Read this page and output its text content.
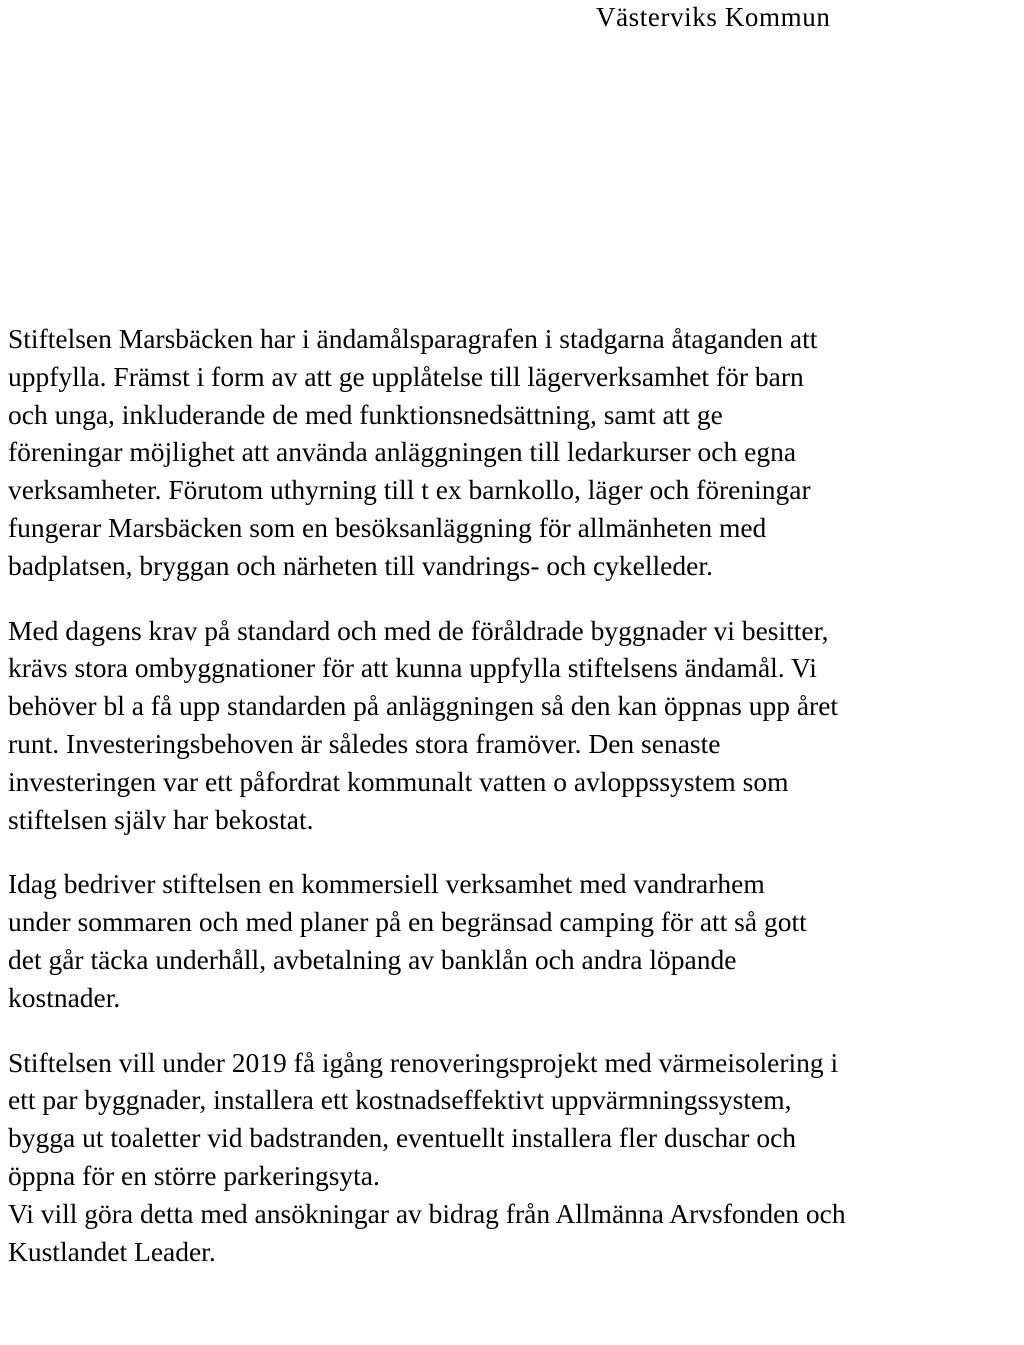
Västerviks Kommun
Stiftelsen Marsbäcken har i ändamålsparagrafen i stadgarna åtaganden att
uppfylla. Främst i form av att ge upplåtelse till lägerverksamhet för barn
och unga, inkluderande de med funktionsnedsättning, samt att ge
föreningar möjlighet att använda anläggningen till ledarkurser och egna
verksamheter. Förutom uthyrning till t ex barnkollo, läger och föreningar
fungerar Marsbäcken som en besöksanläggning för allmänheten med
badplatsen, bryggan och närheten till vandrings- och cykelleder.
Med dagens krav på standard och med de föråldrade byggnader vi besitter,
krävs stora ombyggnationer för att kunna uppfylla stiftelsens ändamål. Vi
behöver bl a få upp standarden på anläggningen så den kan öppnas upp året
runt. Investeringsbehoven är således stora framöver. Den senaste
investeringen var ett påfordrat kommunalt vatten o avloppssystem som
stiftelsen själv har bekostat.
Idag bedriver stiftelsen en kommersiell verksamhet med vandrarhem
under sommaren och med planer på en begränsad camping för att så gott
det går täcka underhåll, avbetalning av banklån och andra löpande
kostnader.
Stiftelsen vill under 2019 få igång renoveringsprojekt med värmeisolering i
ett par byggnader, installera ett kostnadseffektivt uppvärmningssystem,
bygga ut toaletter vid badstranden, eventuellt installera fler duschar och
öppna för en större parkeringsyta.
Vi vill göra detta med ansökningar av bidrag från Allmänna Arvsfonden och
Kustlandet Leader.
